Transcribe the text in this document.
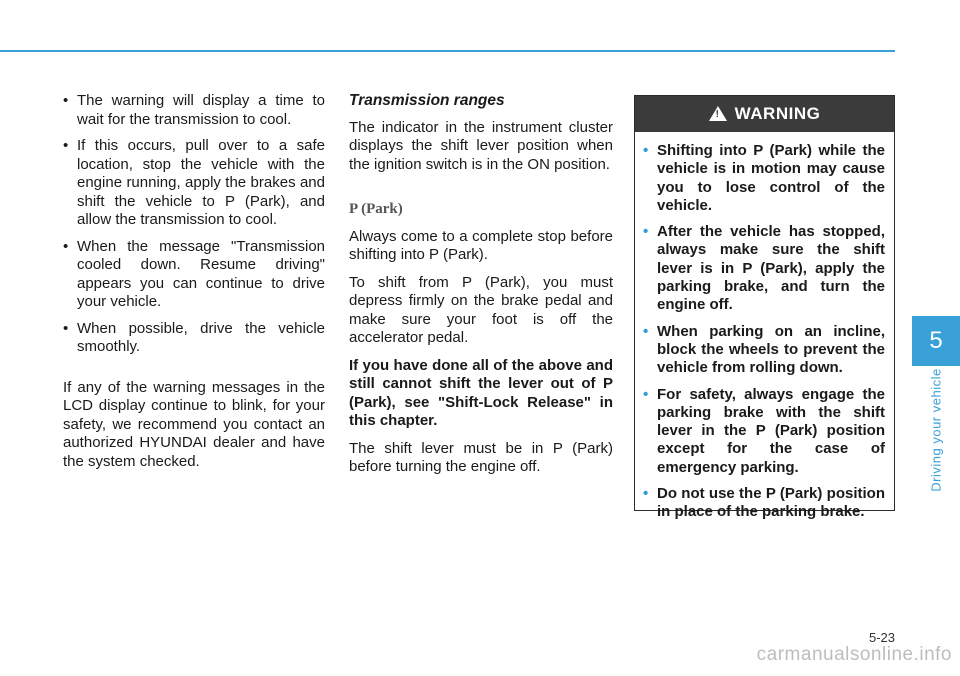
• The warning will display a time to wait for the transmission to cool.
• If this occurs, pull over to a safe location, stop the vehicle with the engine running, apply the brakes and shift the vehicle to P (Park), and allow the transmission to cool.
• When the message "Transmission cooled down. Resume driving" appears you can continue to drive your vehicle.
• When possible, drive the vehicle smoothly.

If any of the warning messages in the LCD display continue to blink, for your safety, we recommend you contact an authorized HYUNDAI dealer and have the system checked.

Transmission ranges

The indicator in the instrument cluster displays the shift lever position when the ignition switch is in the ON position.

P (Park)

Always come to a complete stop before shifting into P (Park).

To shift from P (Park), you must depress firmly on the brake pedal and make sure your foot is off the accelerator pedal.

If you have done all of the above and still cannot shift the lever out of P (Park), see "Shift-Lock Release" in this chapter.

The shift lever must be in P (Park) before turning the engine off.

! WARNING
• Shifting into P (Park) while the vehicle is in motion may cause you to lose control of the vehicle.
• After the vehicle has stopped, always make sure the shift lever is in P (Park), apply the parking brake, and turn the engine off.
• When parking on an incline, block the wheels to prevent the vehicle from rolling down.
• For safety, always engage the parking brake with the shift lever in the P (Park) position except for the case of emergency parking.
• Do not use the P (Park) position in place of the parking brake.
5
Driving your vehicle
5-23
carmanualsonline.info
